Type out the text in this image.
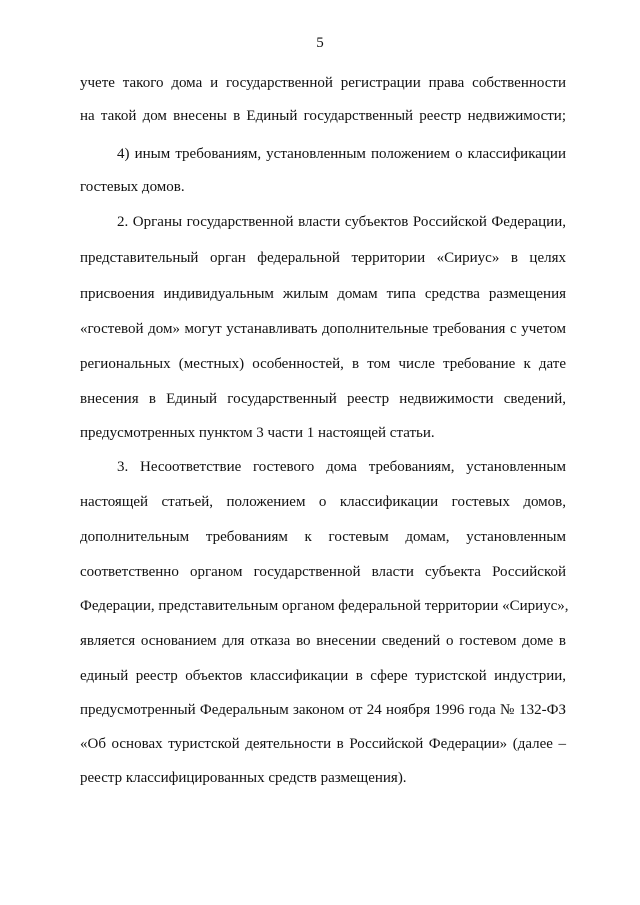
5
учете такого дома и государственной регистрации права собственности
на такой дом внесены в Единый государственный реестр недвижимости;
4) иным требованиям, установленным положением о классификации
гостевых домов.
2. Органы государственной власти субъектов Российской Федерации,
представительный орган федеральной территории «Сириус» в целях
присвоения индивидуальным жилым домам типа средства размещения
«гостевой дом» могут устанавливать дополнительные требования с учетом
региональных (местных) особенностей, в том числе требование к дате
внесения в Единый государственный реестр недвижимости сведений,
предусмотренных пунктом 3 части 1 настоящей статьи.
3. Несоответствие гостевого дома требованиям, установленным
настоящей статьей, положением о классификации гостевых домов,
дополнительным требованиям к гостевым домам, установленным
соответственно органом государственной власти субъекта Российской
Федерации, представительным органом федеральной территории «Сириус»,
является основанием для отказа во внесении сведений о гостевом доме в
единый реестр объектов классификации в сфере туристской индустрии,
предусмотренный Федеральным законом от 24 ноября 1996 года № 132-ФЗ
«Об основах туристской деятельности в Российской Федерации» (далее –
реестр классифицированных средств размещения).
